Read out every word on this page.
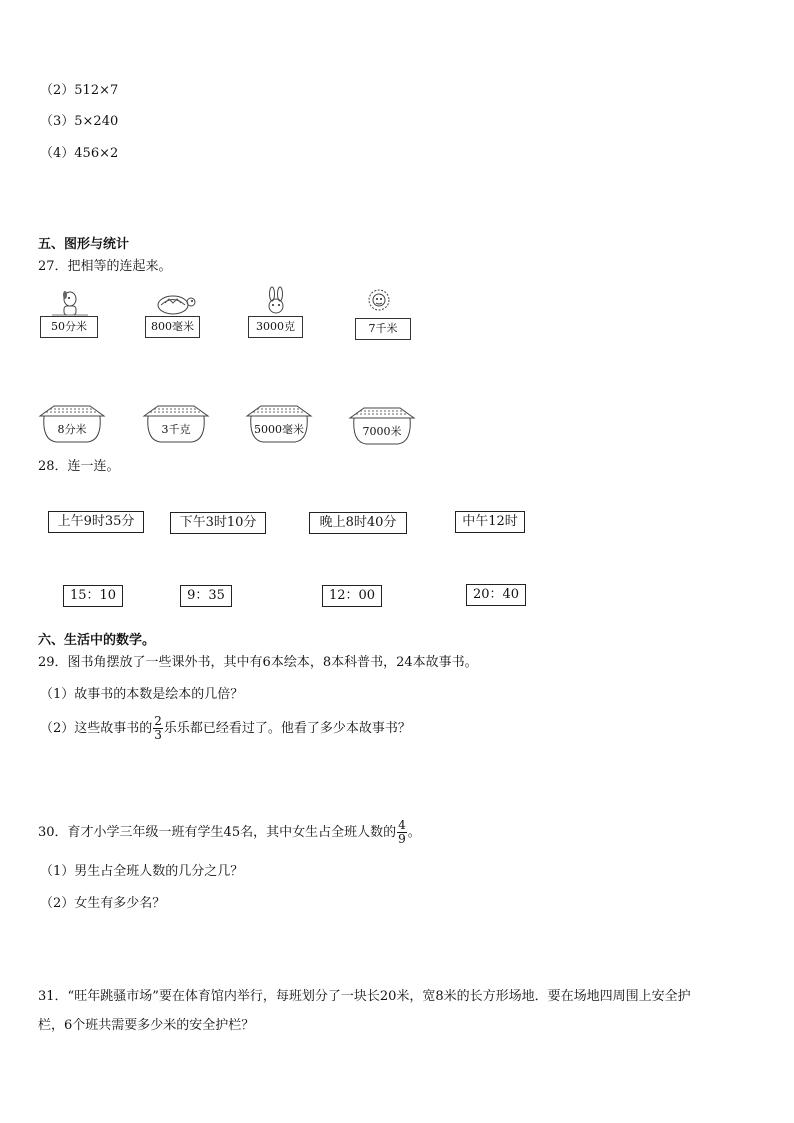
（2）512×7
（3）5×240
（4）456×2
五、图形与统计
27．把相等的连起来。
50分米	800毫米	3000克	7千米
8分米	3千克	5000毫米	7000米
28．连一连。
上午9时35分	下午3时10分	晚上8时40分	中午12时
15：10	9：35	12：00	20：40
六、生活中的数学。
29．图书角摆放了一些课外书，其中有6本绘本，8本科普书，24本故事书。
（1）故事书的本数是绘本的几倍？
（2）这些故事书的 $\frac{2}{3}$ 乐乐都已经看过了。他看了多少本故事书？
30．育才小学三年级一班有学生45名，其中女生占全班人数的 $\frac{4}{9}$ 。
（1）男生占全班人数的几分之几？
（2）女生有多少名？
31．“旺年跳骚市场”要在体育馆内举行，每班划分了一块长20米，宽8米的长方形场地．要在场地四周围上安全护
栏，6个班共需要多少米的安全护栏？
